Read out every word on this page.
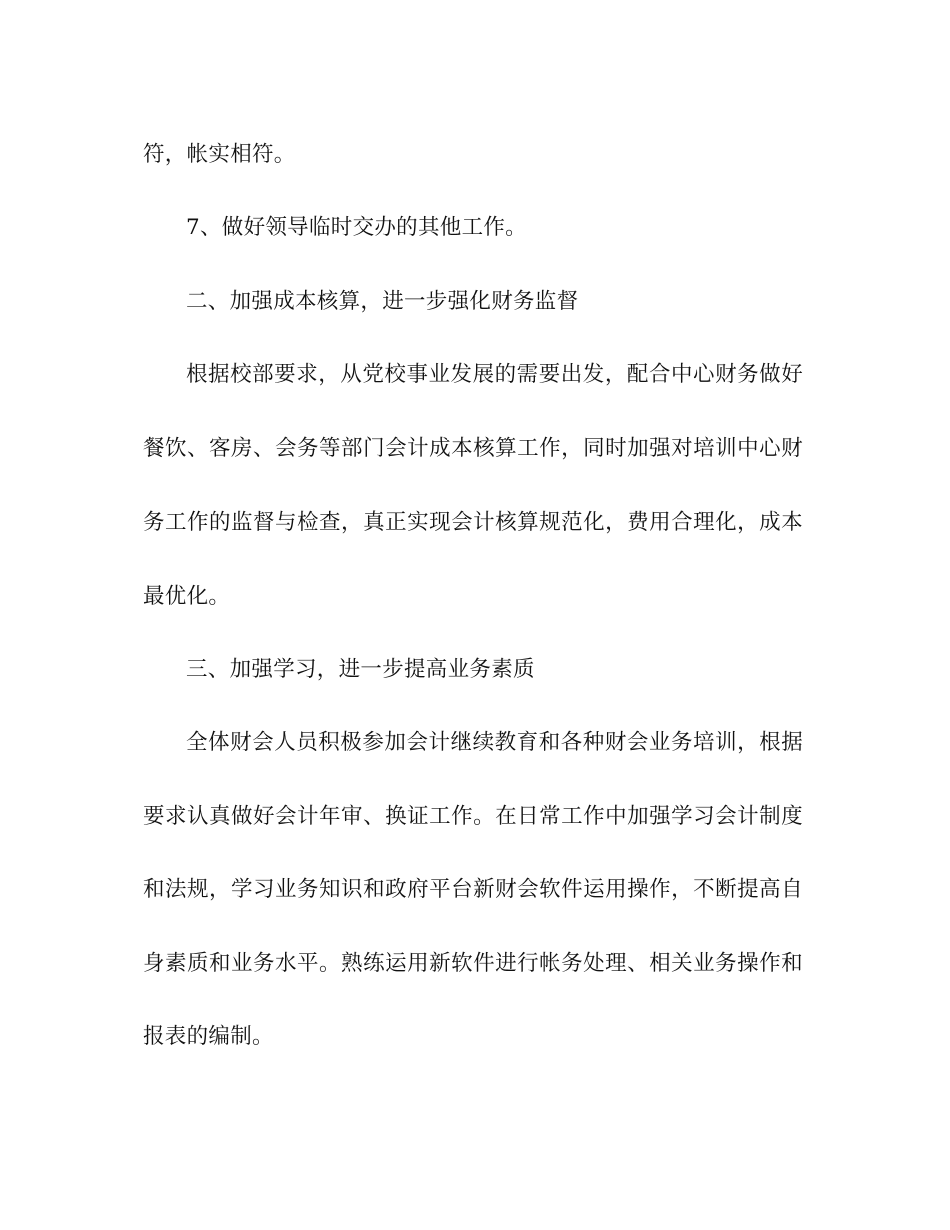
符，帐实相符。
7、做好领导临时交办的其他工作。
二、加强成本核算，进一步强化财务监督
根据校部要求，从党校事业发展的需要出发，配合中心财务做好
餐饮、客房、会务等部门会计成本核算工作，同时加强对培训中心财
务工作的监督与检查，真正实现会计核算规范化，费用合理化，成本
最优化。
三、加强学习，进一步提高业务素质
全体财会人员积极参加会计继续教育和各种财会业务培训，根据
要求认真做好会计年审、换证工作。在日常工作中加强学习会计制度
和法规，学习业务知识和政府平台新财会软件运用操作，不断提高自
身素质和业务水平。熟练运用新软件进行帐务处理、相关业务操作和
报表的编制。
